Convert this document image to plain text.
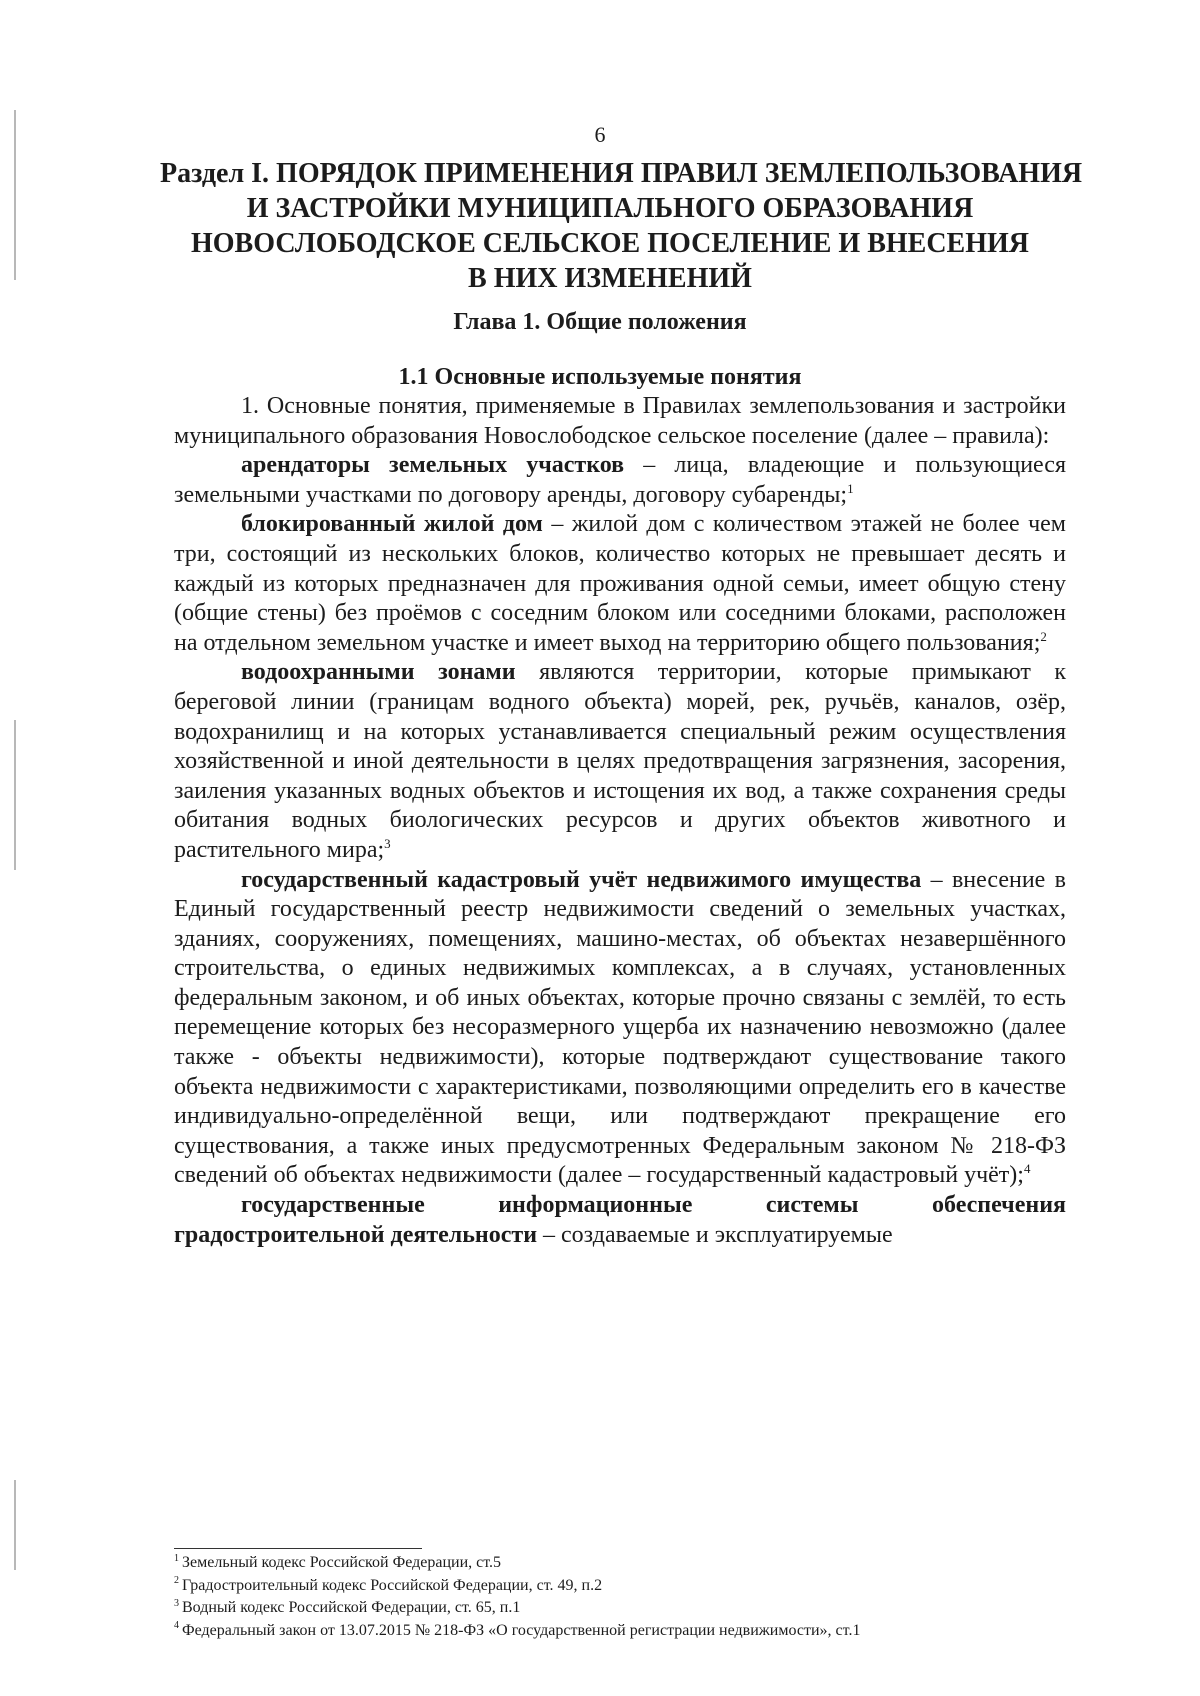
6
Раздел I. ПОРЯДОК ПРИМЕНЕНИЯ ПРАВИЛ ЗЕМЛЕПОЛЬЗОВАНИЯ
И ЗАСТРОЙКИ МУНИЦИПАЛЬНОГО ОБРАЗОВАНИЯ
НОВОСЛОБОДСКОЕ СЕЛЬСКОЕ ПОСЕЛЕНИЕ И ВНЕСЕНИЯ
В НИХ ИЗМЕНЕНИЙ
Глава 1. Общие положения
1.1 Основные используемые понятия

1. Основные понятия, применяемые в Правилах землепользования и застройки муниципального образования Новослободское сельское поселение (далее – правила):

арендаторы земельных участков – лица, владеющие и пользующиеся земельными участками по договору аренды, договору субаренды;$^1$

блокированный жилой дом – жилой дом с количеством этажей не более чем три, состоящий из нескольких блоков, количество которых не превышает десять и каждый из которых предназначен для проживания одной семьи, имеет общую стену (общие стены) без проёмов с соседним блоком или соседними блоками, расположен на отдельном земельном участке и имеет выход на территорию общего пользования;$^2$

водоохранными зонами являются территории, которые примыкают к береговой линии (границам водного объекта) морей, рек, ручьёв, каналов, озёр, водохранилищ и на которых устанавливается специальный режим осуществления хозяйственной и иной деятельности в целях предотвращения загрязнения, засорения, заиления указанных водных объектов и истощения их вод, а также сохранения среды обитания водных биологических ресурсов и других объектов животного и растительного мира;$^3$

государственный кадастровый учёт недвижимого имущества – внесение в Единый государственный реестр недвижимости сведений о земельных участках, зданиях, сооружениях, помещениях, машино-местах, об объектах незавершённого строительства, о единых недвижимых комплексах, а в случаях, установленных федеральным законом, и об иных объектах, которые прочно связаны с землёй, то есть перемещение которых без несоразмерного ущерба их назначению невозможно (далее также - объекты недвижимости), которые подтверждают существование такого объекта недвижимости с характеристиками, позволяющими определить его в качестве индивидуально-определённой вещи, или подтверждают прекращение его существования, а также иных предусмотренных Федеральным законом № 218-ФЗ сведений об объектах недвижимости (далее – государственный кадастровый учёт);$^4$

государственные информационные системы обеспечения градостроительной деятельности – создаваемые и эксплуатируемые

$^1$ Земельный кодекс Российской Федерации, ст.5
$^2$ Градостроительный кодекс Российской Федерации, ст. 49, п.2
$^3$ Водный кодекс Российской Федерации, ст. 65, п.1
$^4$ Федеральный закон от 13.07.2015 № 218-ФЗ «О государственной регистрации недвижимости», ст.1
